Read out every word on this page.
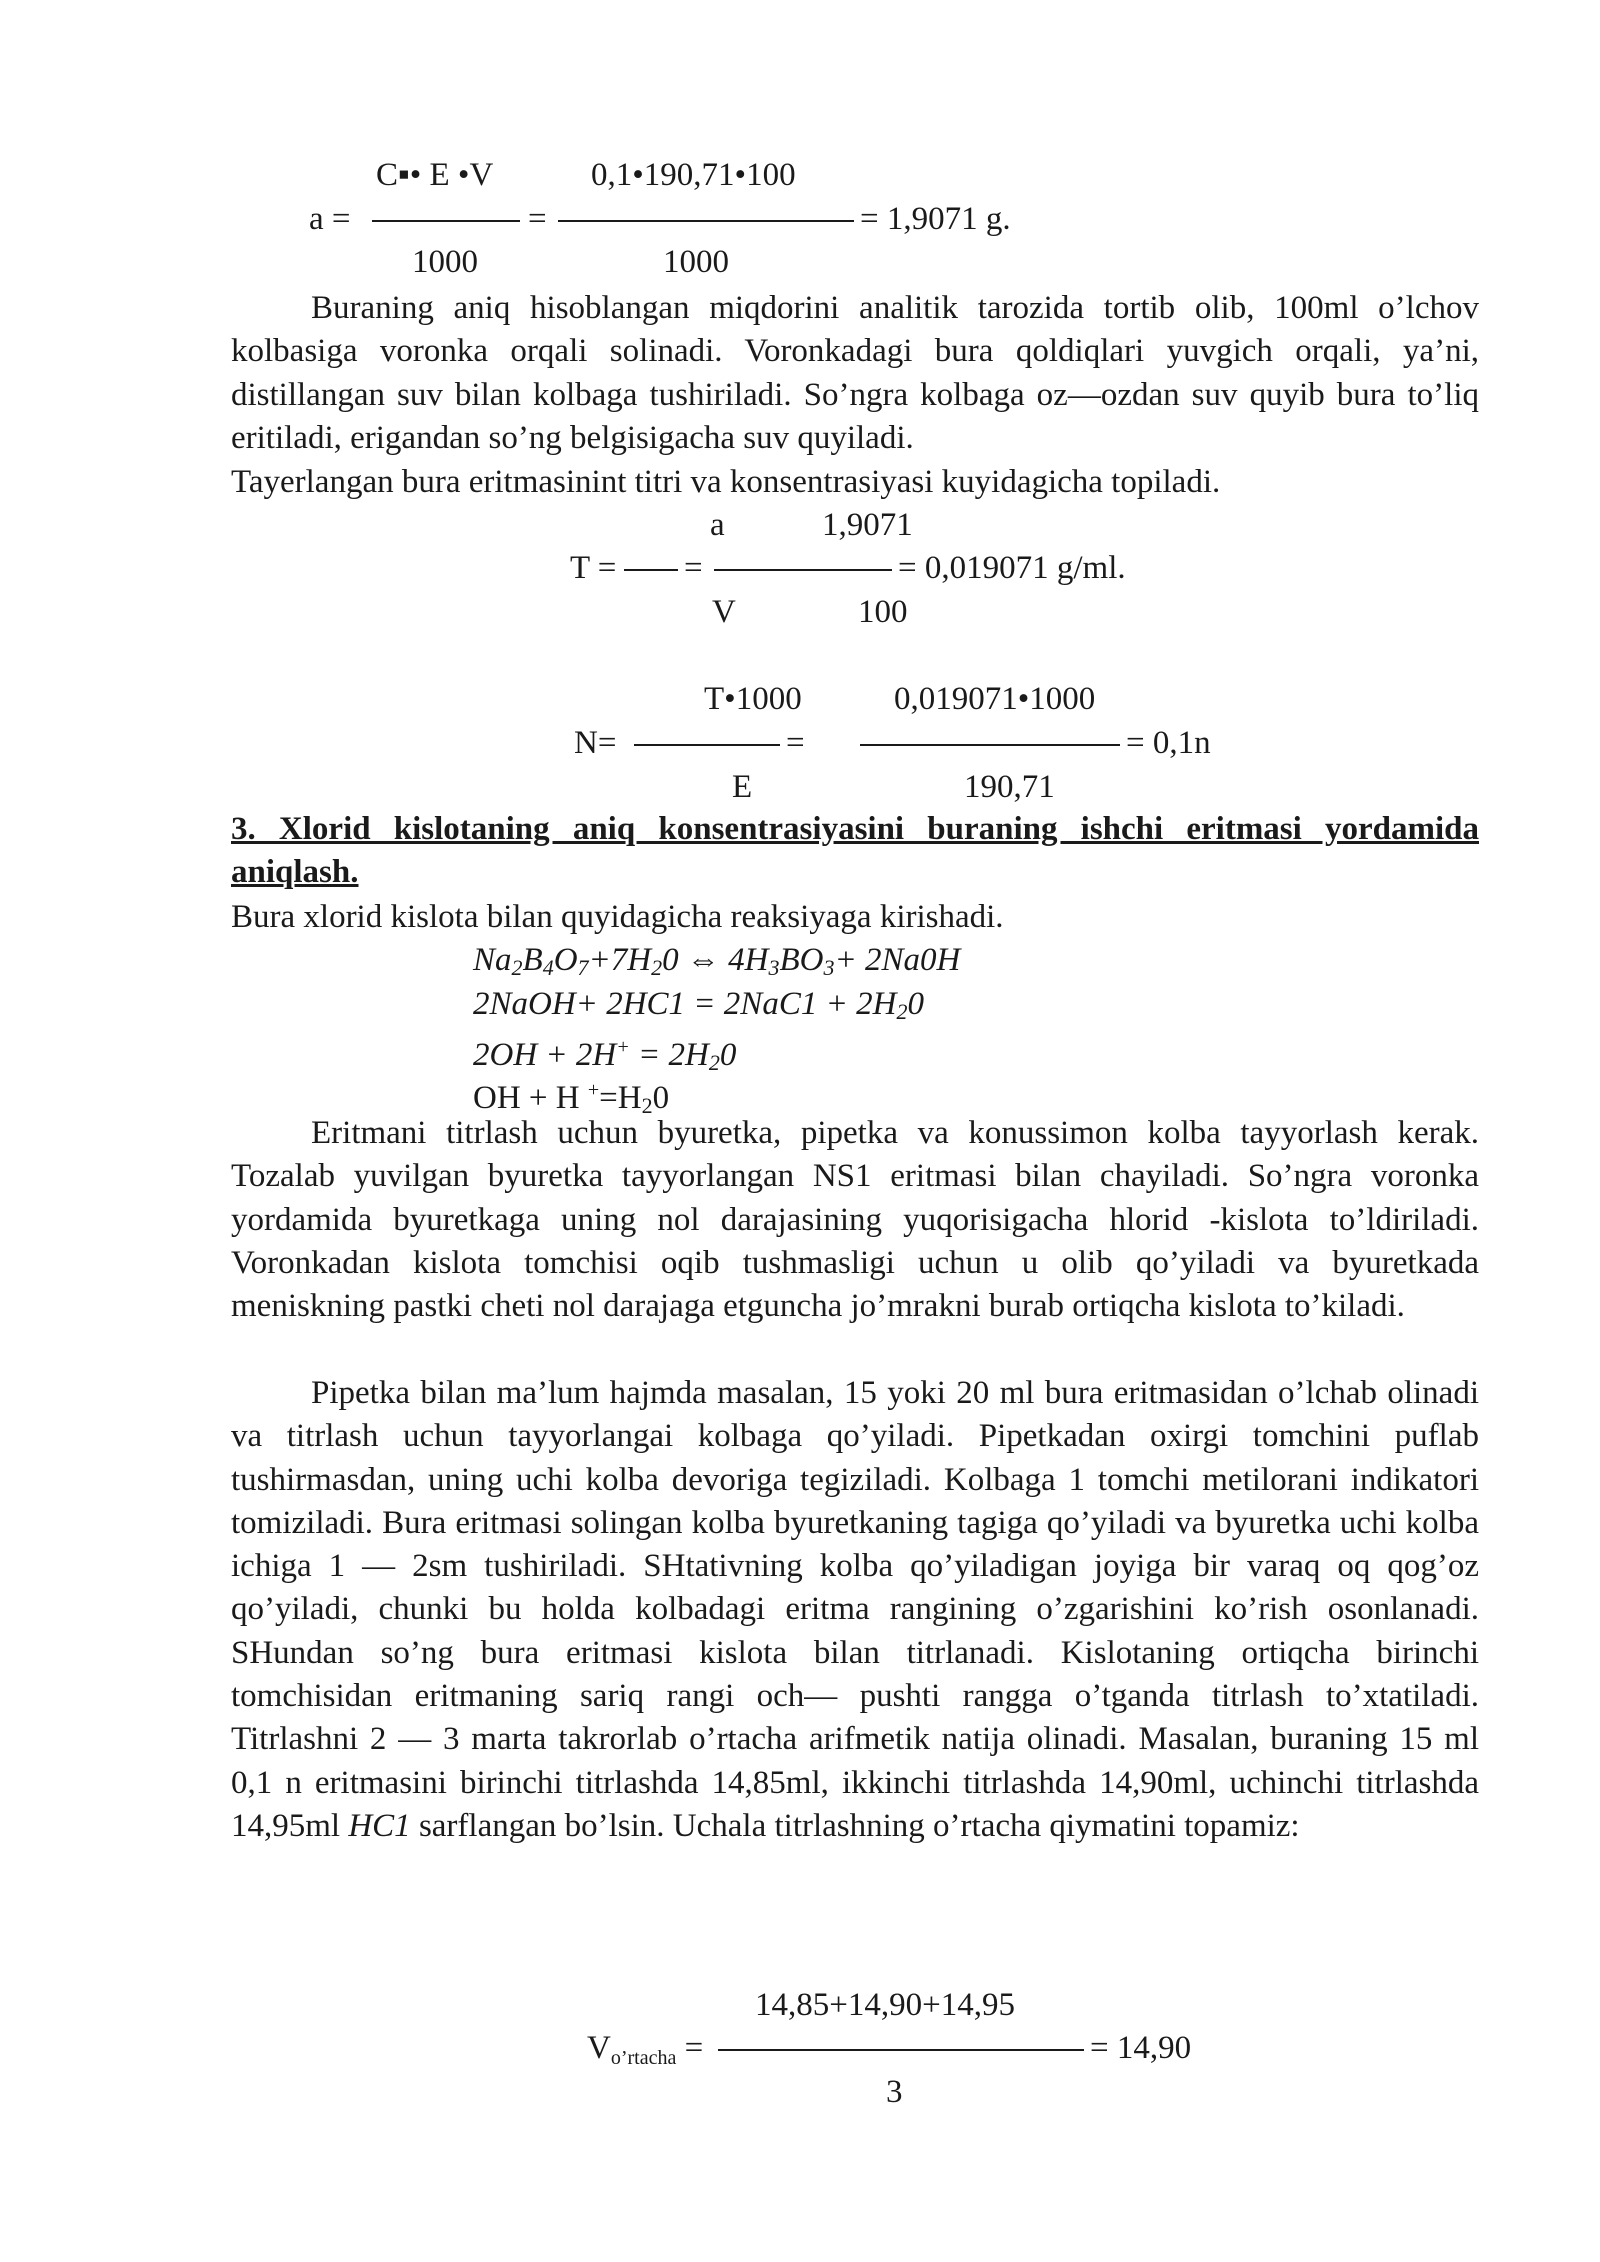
C▪• E •V	0,1•190,71•100
a =	=	= 1,9071 g.
1000	1000
Buraning aniq hisoblangan miqdorini analitik tarozida tortib olib, 100ml o’lchov kolbasiga voronka orqali solinadi. Voronkadagi bura qoldiqlari yuvgich orqali, ya’ni, distillangan suv bilan kolbaga tushiriladi. So’ngra kolbaga oz—ozdan suv quyib bura to’liq eritiladi, erigandan so’ng belgisigacha suv quyiladi.
Tayerlangan bura eritmasinint titri va konsentrasiyasi kuyidagicha topiladi.
a	1,9071
T = =	= 0,019071 g/ml.
V	100
T•1000	0,019071•1000
N=	=	= 0,1n
E	190,71
3. Xlorid kislotaning aniq konsentrasiyasini buraning ishchi eritmasi yordamida aniqlash.
Bura xlorid kislota bilan quyidagicha reaksiyaga kirishadi.
$Na_2B_4O_7+7H_20$ ⇔ $4H_3BO_3+ 2Na0H$
2NaOH+ $2HC1 = 2NaC1 + 2H_20$
$2OH + 2H^+ = 2H_20$
OH + H $^+=H_20$
Eritmani titrlash uchun byuretka, pipetka va konussimon kolba tayyorlash kerak. Tozalab yuvilgan byuretka tayyorlangan NS1 eritmasi bilan chayiladi. So’ngra voronka yordamida byuretkaga uning nol darajasining yuqorisigacha hlorid -kislota to’ldiriladi. Voronkadan kislota tomchisi oqib tushmasligi uchun u olib qo’yiladi va byuretkada meniskning pastki cheti nol darajaga etguncha jo’mrakni burab ortiqcha kislota to’kiladi.
Pipetka bilan ma’lum hajmda masalan, 15 yoki 20 ml bura eritmasidan o’lchab olinadi va titrlash uchun tayyorlangai kolbaga qo’yiladi. Pipetkadan oxirgi tomchini puflab tushirmasdan, uning uchi kolba devoriga tegiziladi. Kolbaga 1 tomchi metilorani indikatori tomiziladi. Bura eritmasi solingan kolba byuretkaning tagiga qo’yiladi va byuretka uchi kolba ichiga 1 — 2sm tushiriladi. SHtativning kolba qo’yiladigan joyiga bir varaq oq qog’oz qo’yiladi, chunki bu holda kolbadagi eritma rangining o’zgarishini ko’rish osonlanadi. SHundan so’ng bura eritmasi kislota bilan titrlanadi. Kislotaning ortiqcha birinchi tomchisidan eritmaning sariq rangi och— pushti rangga o’tganda titrlash to’xtatiladi. Titrlashni 2 — 3 marta takrorlab o’rtacha arifmetik natija olinadi. Masalan, buraning 15 ml 0,1 n eritmasini birinchi titrlashda 14,85ml, ikkinchi titrlashda 14,90ml, uchinchi titrlashda 14,95ml HC1 sarflangan bo’lsin. Uchala titrlashning o’rtacha qiymatini topamiz:
14,85+14,90+14,95
Vo’rtacha =	= 14,90
3
